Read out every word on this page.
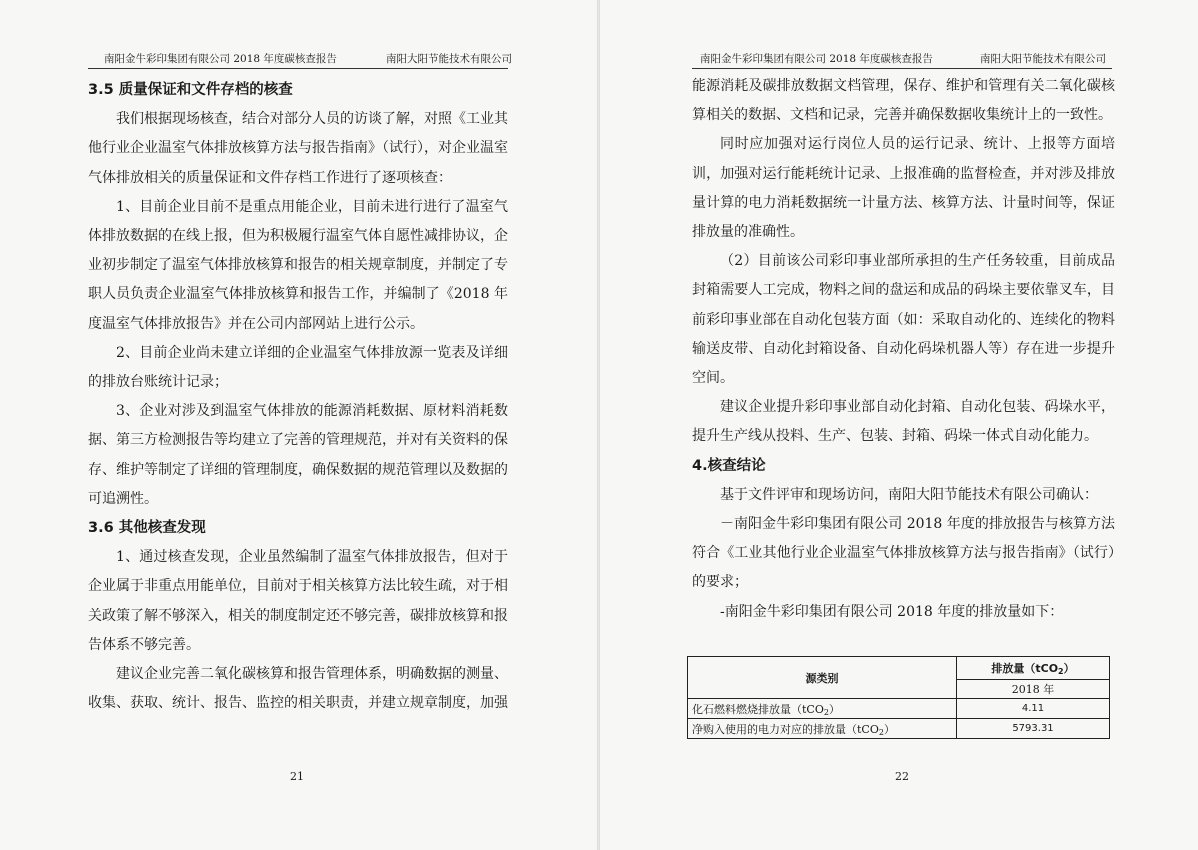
南阳金牛彩印集团有限公司 2018 年度碳核查报告	南阳大阳节能技术有限公司
3.5 质量保证和文件存档的核查

我们根据现场核查，结合对部分人员的访谈了解，对照《工业其他行业企业温室气体排放核算方法与报告指南》（试行），对企业温室气体排放相关的质量保证和文件存档工作进行了逐项核查：

1、目前企业目前不是重点用能企业，目前未进行进行了温室气体排放数据的在线上报，但为积极履行温室气体自愿性减排协议，企业初步制定了温室气体排放核算和报告的相关规章制度，并制定了专职人员负责企业温室气体排放核算和报告工作，并编制了《2018 年度温室气体排放报告》并在公司内部网站上进行公示。

2、目前企业尚未建立详细的企业温室气体排放源一览表及详细的排放台账统计记录；

3、企业对涉及到温室气体排放的能源消耗数据、原材料消耗数据、第三方检测报告等均建立了完善的管理规范，并对有关资料的保存、维护等制定了详细的管理制度，确保数据的规范管理以及数据的可追溯性。

3.6 其他核查发现

1、通过核查发现，企业虽然编制了温室气体排放报告，但对于企业属于非重点用能单位，目前对于相关核算方法比较生疏，对于相关政策了解不够深入，相关的制度制定还不够完善，碳排放核算和报告体系不够完善。

建议企业完善二氧化碳核算和报告管理体系，明确数据的测量、收集、获取、统计、报告、监控的相关职责，并建立规章制度，加强

21
南阳金牛彩印集团有限公司 2018 年度碳核查报告	南阳大阳节能技术有限公司

能源消耗及碳排放数据文档管理，保存、维护和管理有关二氧化碳核算相关的数据、文档和记录，完善并确保数据收集统计上的一致性。

同时应加强对运行岗位人员的运行记录、统计、上报等方面培训，加强对运行能耗统计记录、上报准确的监督检查，并对涉及排放量计算的电力消耗数据统一计量方法、核算方法、计量时间等，保证排放量的准确性。

（2）目前该公司彩印事业部所承担的生产任务较重，目前成品封箱需要人工完成，物料之间的盘运和成品的码垛主要依靠叉车，目前彩印事业部在自动化包装方面（如：采取自动化的、连续化的物料输送皮带、自动化封箱设备、自动化码垛机器人等）存在进一步提升空间。

建议企业提升彩印事业部自动化封箱、自动化包装、码垛水平，提升生产线从投料、生产、包装、封箱、码垛一体式自动化能力。

4.核查结论

基于文件评审和现场访问，南阳大阳节能技术有限公司确认：

－南阳金牛彩印集团有限公司 2018 年度的排放报告与核算方法符合《工业其他行业企业温室气体排放核算方法与报告指南》（试行）的要求；

-南阳金牛彩印集团有限公司 2018 年度的排放量如下：

22
源类别	排放量（tCO2）
	2018 年
化石燃料燃烧排放量（tCO2）	4.11
净购入使用的电力对应的排放量（tCO2）	5793.31
